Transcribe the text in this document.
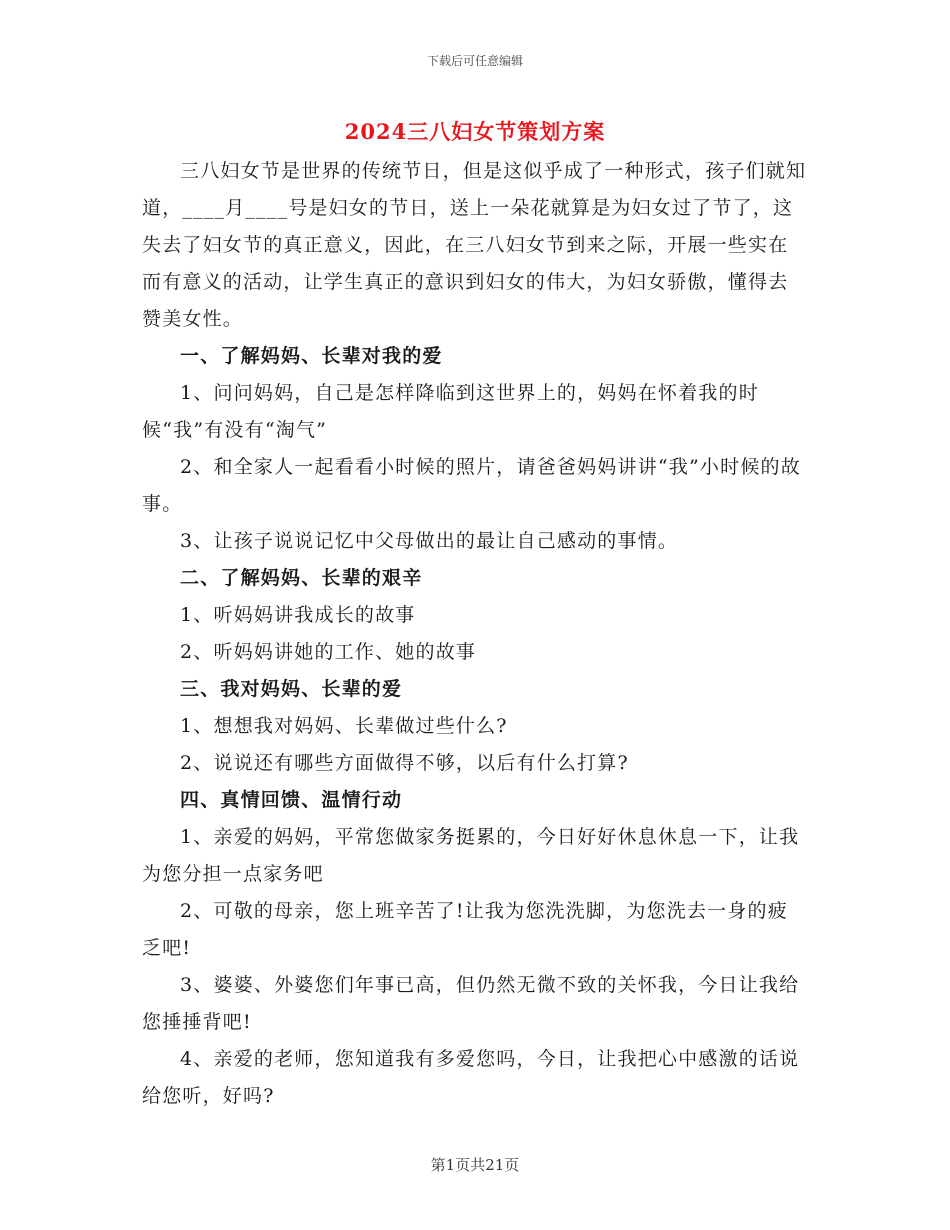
下载后可任意编辑
2024三八妇女节策划方案

三八妇女节是世界的传统节日，但是这似乎成了一种形式，孩子们就知道，____月____号是妇女的节日，送上一朵花就算是为妇女过了节了，这失去了妇女节的真正意义，因此，在三八妇女节到来之际，开展一些实在而有意义的活动，让学生真正的意识到妇女的伟大，为妇女骄傲，懂得去赞美女性。

一、了解妈妈、长辈对我的爱

1、问问妈妈，自己是怎样降临到这世界上的，妈妈在怀着我的时候“我”有没有“淘气”

2、和全家人一起看看小时候的照片，请爸爸妈妈讲讲“我”小时候的故事。

3、让孩子说说记忆中父母做出的最让自己感动的事情。

二、了解妈妈、长辈的艰辛

1、听妈妈讲我成长的故事

2、听妈妈讲她的工作、她的故事

三、我对妈妈、长辈的爱

1、想想我对妈妈、长辈做过些什么?

2、说说还有哪些方面做得不够，以后有什么打算?

四、真情回馈、温情行动

1、亲爱的妈妈，平常您做家务挺累的，今日好好休息休息一下，让我为您分担一点家务吧

2、可敬的母亲，您上班辛苦了!让我为您洗洗脚，为您洗去一身的疲乏吧!

3、婆婆、外婆您们年事已高，但仍然无微不致的关怀我，今日让我给您捶捶背吧!

4、亲爱的老师，您知道我有多爱您吗，今日，让我把心中感激的话说给您听，好吗?

第1页共21页
